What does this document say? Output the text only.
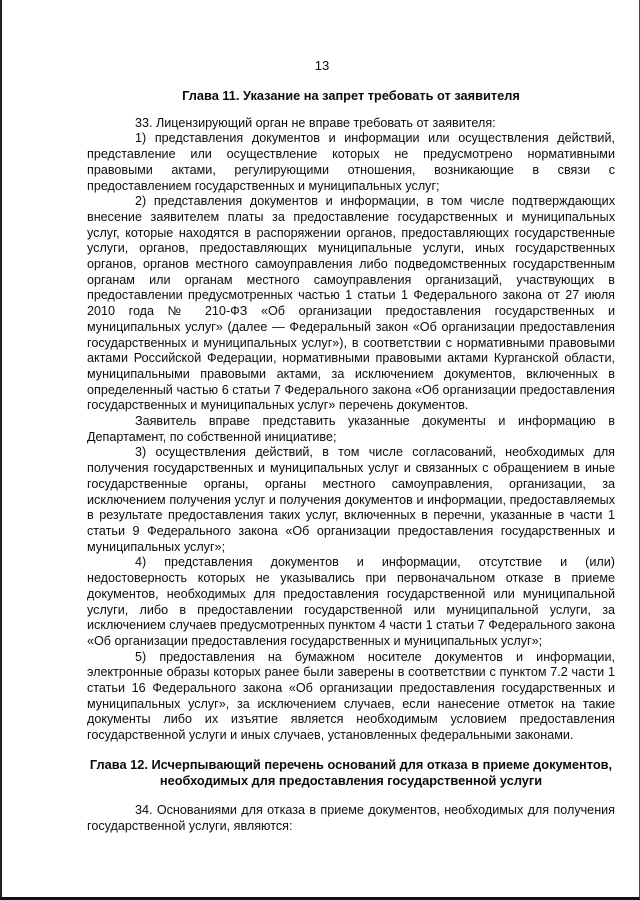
13

Глава 11. Указание на запрет требовать от заявителя

33. Лицензирующий орган не вправе требовать от заявителя:

1) представления документов и информации или осуществления действий, представление или осуществление которых не предусмотрено нормативными правовыми актами, регулирующими отношения, возникающие в связи с предоставлением государственных и муниципальных услуг;

2) представления документов и информации, в том числе подтверждающих внесение заявителем платы за предоставление государственных и муниципальных услуг, которые находятся в распоряжении органов, предоставляющих государственные услуги, органов, предоставляющих муниципальные услуги, иных государственных органов, органов местного самоуправления либо подведомственных государственным органам или органам местного самоуправления организаций, участвующих в предоставлении предусмотренных частью 1 статьи 1 Федерального закона от 27 июля 2010 года № 210-ФЗ «Об организации предоставления государственных и муниципальных услуг» (далее — Федеральный закон «Об организации предоставления государственных и муниципальных услуг»), в соответствии с нормативными правовыми актами Российской Федерации, нормативными правовыми актами Курганской области, муниципальными правовыми актами, за исключением документов, включенных в определенный частью 6 статьи 7 Федерального закона «Об организации предоставления государственных и муниципальных услуг» перечень документов.

Заявитель вправе представить указанные документы и информацию в Департамент, по собственной инициативе;

3) осуществления действий, в том числе согласований, необходимых для получения государственных и муниципальных услуг и связанных с обращением в иные государственные органы, органы местного самоуправления, организации, за исключением получения услуг и получения документов и информации, предоставляемых в результате предоставления таких услуг, включенных в перечни, указанные в части 1 статьи 9 Федерального закона «Об организации предоставления государственных и муниципальных услуг»;

4) представления документов и информации, отсутствие и (или) недостоверность которых не указывались при первоначальном отказе в приеме документов, необходимых для предоставления государственной или муниципальной услуги, либо в предоставлении государственной или муниципальной услуги, за исключением случаев предусмотренных пунктом 4 части 1 статьи 7 Федерального закона «Об организации предоставления государственных и муниципальных услуг»;

5) предоставления на бумажном носителе документов и информации, электронные образы которых ранее были заверены в соответствии с пунктом 7.2 части 1 статьи 16 Федерального закона «Об организации предоставления государственных и муниципальных услуг», за исключением случаев, если нанесение отметок на такие документы либо их изъятие является необходимым условием предоставления государственной услуги и иных случаев, установленных федеральными законами.

Глава 12. Исчерпывающий перечень оснований для отказа в приеме документов, необходимых для предоставления государственной услуги

34. Основаниями для отказа в приеме документов, необходимых для получения государственной услуги, являются:
